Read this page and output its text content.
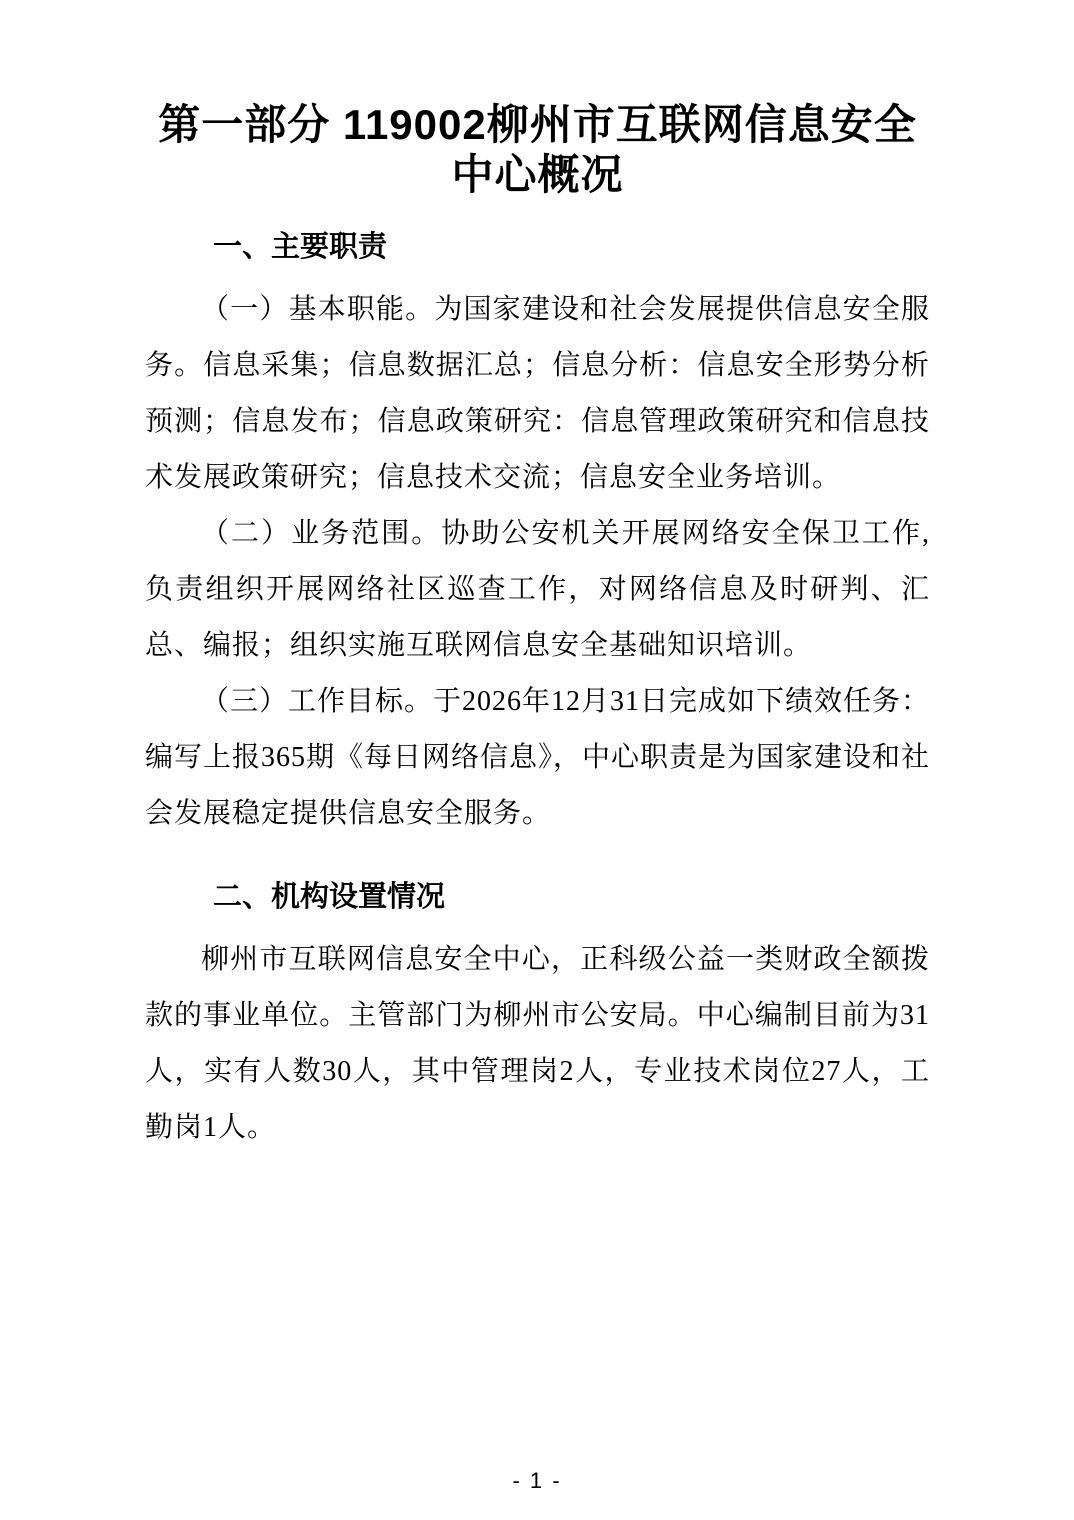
第一部分 119002柳州市互联网信息安全中心概况
一、主要职责

（一）基本职能。为国家建设和社会发展提供信息安全服务。信息采集；信息数据汇总；信息分析：信息安全形势分析预测；信息发布；信息政策研究：信息管理政策研究和信息技术发展政策研究；信息技术交流；信息安全业务培训。

（二）业务范围。协助公安机关开展网络安全保卫工作,负责组织开展网络社区巡查工作，对网络信息及时研判、汇总、编报；组织实施互联网信息安全基础知识培训。

（三）工作目标。于2026年12月31日完成如下绩效任务：编写上报365期《每日网络信息》，中心职责是为国家建设和社会发展稳定提供信息安全服务。

二、机构设置情况

柳州市互联网信息安全中心，正科级公益一类财政全额拨款的事业单位。主管部门为柳州市公安局。中心编制目前为31人，实有人数30人，其中管理岗2人，专业技术岗位27人，工勤岗1人。

- 1 -
